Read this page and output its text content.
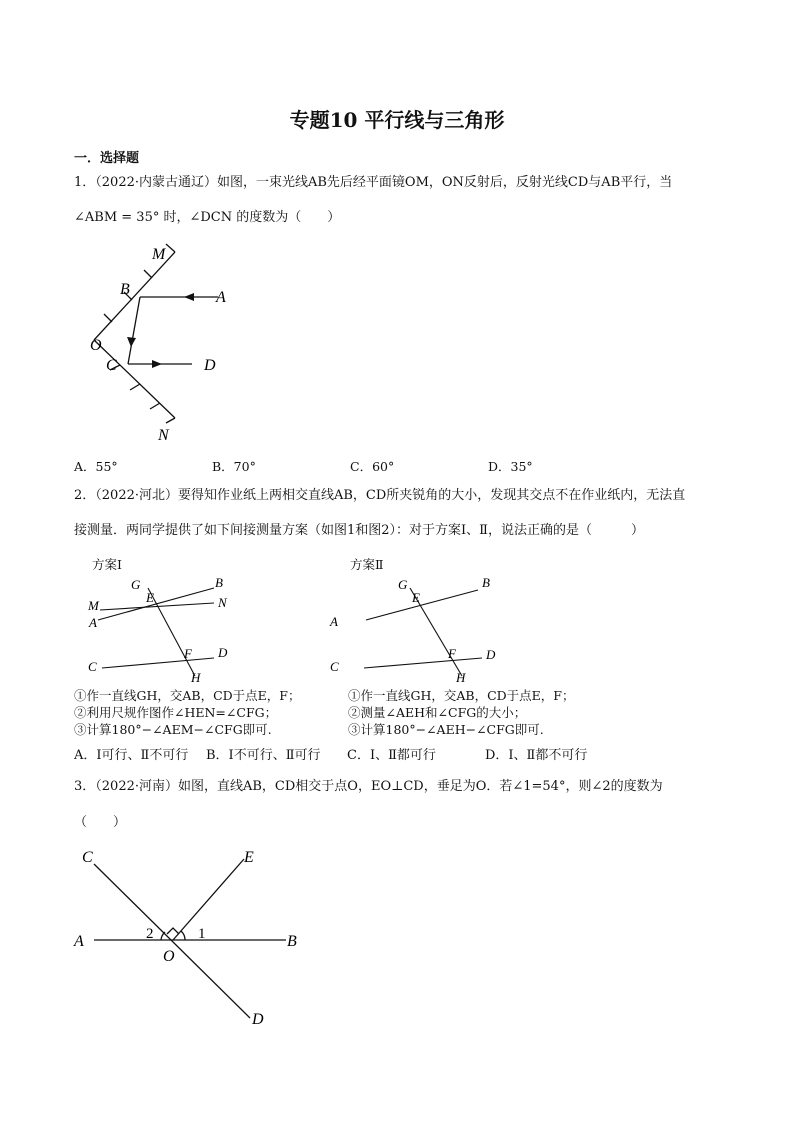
专题10 平行线与三角形
一．选择题
1．（2022·内蒙古通辽）如图，一束光线AB先后经平面镜OM，ON反射后，反射光线CD与AB平行，当
∠ABM = 35° 时，∠DCN 的度数为（　　）
M
B	A
O
C	D
N
A．55°	B．70°	C．60°	D．35°
2．（2022·河北）要得知作业纸上两相交直线AB，CD所夹锐角的大小，发现其交点不在作业纸内，无法直
接测量．两同学提供了如下间接测量方案（如图1和图2）：对于方案Ⅰ、Ⅱ，说法正确的是（　　　）
方案Ⅰ
G	B
M
E	N
A
F D
C
H
①作一直线GH，交AB，CD于点E，F；
②利用尺规作图作∠HEN=∠CFG；
③计算180°−∠AEM−∠CFG即可.
方案Ⅱ
G	B
E
A
F D
C
H
①作一直线GH，交AB，CD于点E，F；
②测量∠AEH和∠CFG的大小；
③计算180°−∠AEH−∠CFG即可.
A．Ⅰ可行、Ⅱ不可行 B．Ⅰ不可行、Ⅱ可行 C．Ⅰ、Ⅱ都可行	D．Ⅰ、Ⅱ都不可行
3．（2022·河南）如图，直线AB，CD相交于点O，EO⊥CD，垂足为O．若∠1=54°，则∠2的度数为
（　　）
C	E
A	B
O
D
2	1
